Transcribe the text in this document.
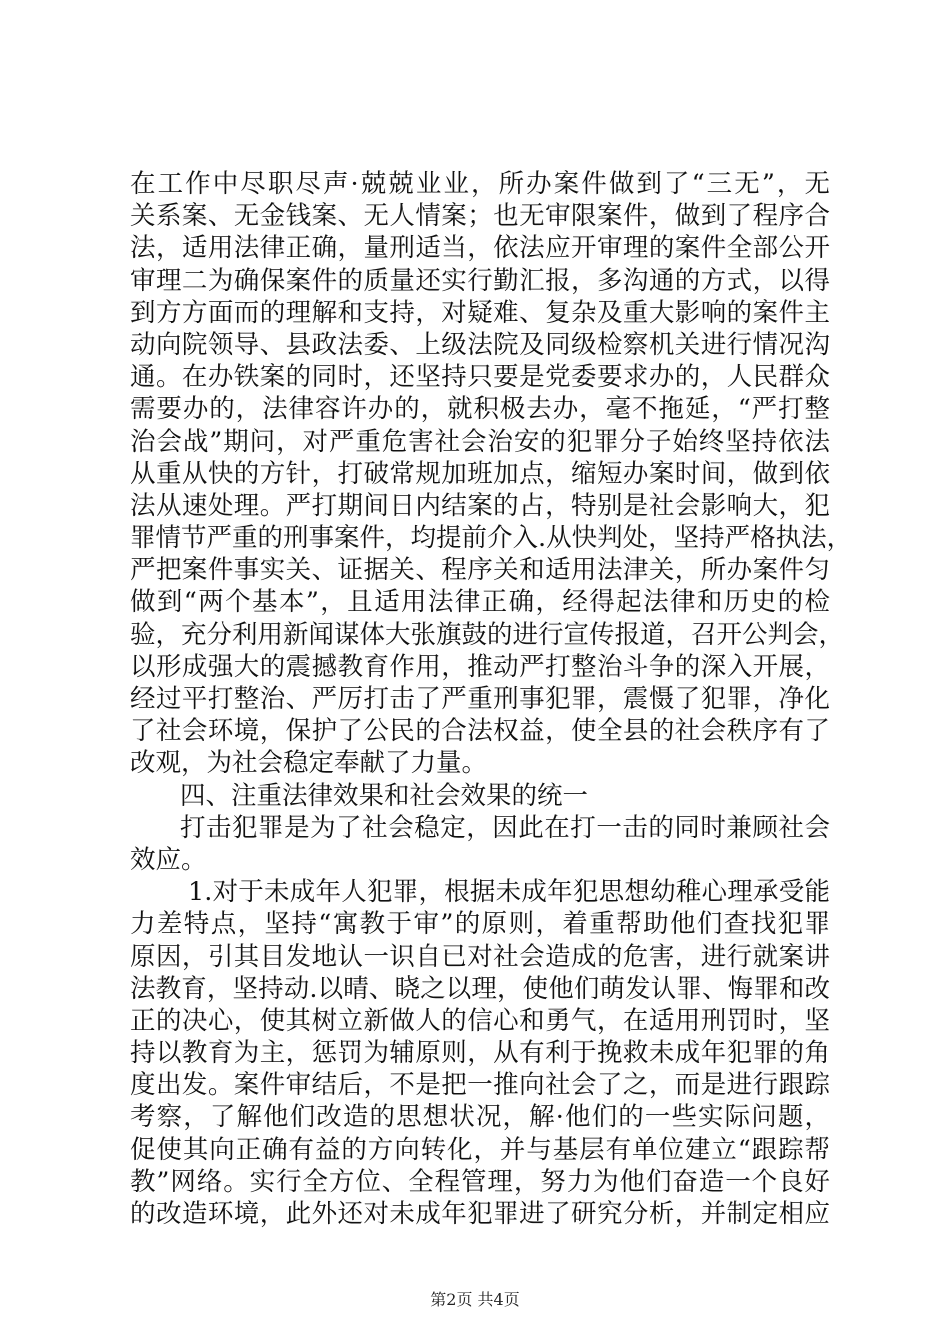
在工作中尽职尽声·兢兢业业，所办案件做到了“三无”，无
关系案、无金钱案、无人情案；也无审限案件，做到了程序合
法，适用法律正确，量刑适当，依法应开审理的案件全部公开
审理二为确保案件的质量还实行勤汇报，多沟通的方式，以得
到方方面而的理解和支持，对疑难、复杂及重大影响的案件主
动向院领导、县政法委、上级法院及同级检察机关进行情况沟
通。在办铁案的同时，还坚持只要是党委要求办的，人民群众
需要办的，法律容许办的，就积极去办，毫不拖延，“严打整
治会战”期问，对严重危害社会治安的犯罪分子始终坚持依法
从重从快的方针，打破常规加班加点，缩短办案时间，做到依
法从速处理。严打期间日内结案的占，特别是社会影响大，犯
罪情节严重的刑事案件，均提前介入.从快判处，坚持严格执法，
严把案件事实关、证据关、程序关和适用法津关，所办案件匀
做到“两个基本”，且适用法律正确，经得起法律和历史的检
验，充分利用新闻谋体大张旗鼓的进行宣传报道，召开公判会，
以形成强大的震撼教育作用，推动严打整治斗争的深入开展，
经过平打整治、严厉打击了严重刑事犯罪，震慑了犯罪，净化
了社会环境，保护了公民的合法权益，使全县的社会秩序有了
改观，为社会稳定奉献了力量。
四、注重法律效果和社会效果的统一
打击犯罪是为了社会稳定，因此在打一击的同时兼顾社会
效应。
1.对于未成年人犯罪，根据未成年犯思想幼稚心理承受能
力差特点，坚持“寓教于审”的原则，着重帮助他们查找犯罪
原因，引其目发地认一识自已对社会造成的危害，进行就案讲
法教育，坚持动.以晴、晓之以理，使他们萌发认罪、悔罪和改
正的决心，使其树立新做人的信心和勇气，在适用刑罚时，坚
持以教育为主，惩罚为辅原则，从有利于挽救未成年犯罪的角
度出发。案件审结后，不是把一推向社会了之，而是进行跟踪
考察，了解他们改造的思想状况，解·他们的一些实际问题，
促使其向正确有益的方向转化，并与基层有单位建立“跟踪帮
教”网络。实行全方位、全程管理，努力为他们奋造一个良好
的改造环境，此外还对未成年犯罪进了研究分析，并制定相应
第2页 共4页
